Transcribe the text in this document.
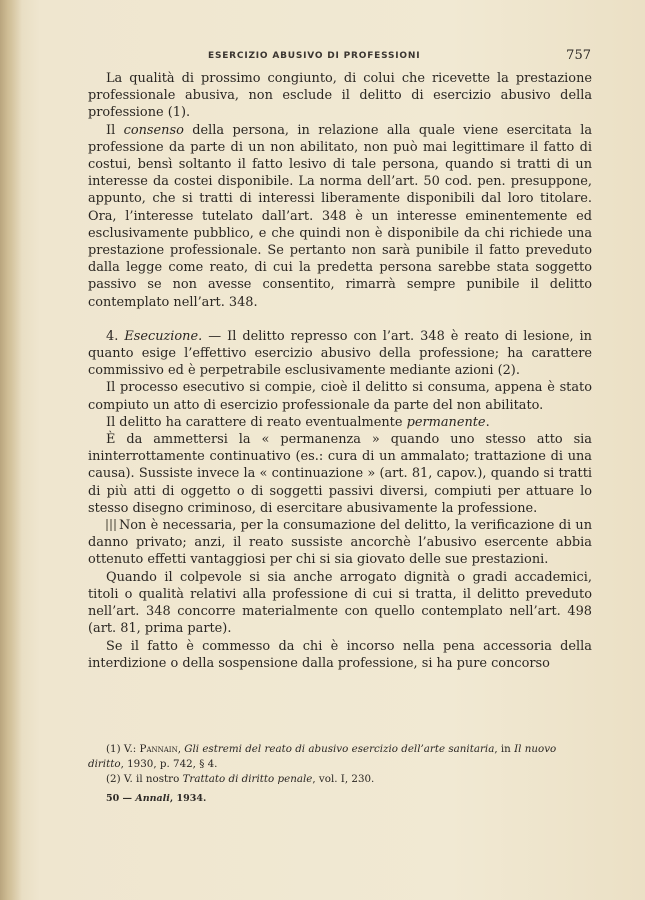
ESERCIZIO ABUSIVO DI PROFESSIONI	757

La qualità di prossimo congiunto, di colui che ricevette la prestazione professionale abusiva, non esclude il delitto di esercizio abusivo della professione (1).

Il consenso della persona, in relazione alla quale viene esercitata la professione da parte di un non abilitato, non può mai legittimare il fatto di costui, bensì soltanto il fatto lesivo di tale persona, quando si tratti di un interesse da costei disponibile. La norma dell’art. 50 cod. pen. presuppone, appunto, che si tratti di interessi liberamente disponibili dal loro titolare. Ora, l’interesse tutelato dall’art. 348 è un interesse eminentemente ed esclusivamente pubblico, e che quindi non è disponibile da chi richiede una prestazione professionale. Se pertanto non sarà punibile il fatto preveduto dalla legge come reato, di cui la predetta persona sarebbe stata soggetto passivo se non avesse consentito, rimarrà sempre punibile il delitto contemplato nell’art. 348.

4. Esecuzione. — Il delitto represso con l’art. 348 è reato di lesione, in quanto esige l’effettivo esercizio abusivo della professione; ha carattere commissivo ed è perpetrabile esclusivamente mediante azioni (2).

Il processo esecutivo si compie, cioè il delitto si consuma, appena è stato compiuto un atto di esercizio professionale da parte del non abilitato.

Il delitto ha carattere di reato eventualmente permanente.

È da ammettersi la « permanenza » quando uno stesso atto sia ininterrottamente continuativo (es.: cura di un ammalato; trattazione di una causa). Sussiste invece la « continuazione » (art. 81, capov.), quando si tratti di più atti di oggetto o di soggetti passivi diversi, compiuti per attuare lo stesso disegno criminoso, di esercitare abusivamente la professione.

Non è necessaria, per la consumazione del delitto, la verificazione di un danno privato; anzi, il reato sussiste ancorchè l’abusivo esercente abbia ottenuto effetti vantaggiosi per chi si sia giovato delle sue prestazioni.

Quando il colpevole si sia anche arrogato dignità o gradi accademici, titoli o qualità relativi alla professione di cui si tratta, il delitto preveduto nell’art. 348 concorre materialmente con quello contemplato nell’art. 498 (art. 81, prima parte).

Se il fatto è commesso da chi è incorso nella pena accessoria della interdizione o della sospensione dalla professione, si ha pure concorso

(1) V.: Pannain, Gli estremi del reato di abusivo esercizio dell’arte sanitaria, in Il nuovo diritto, 1930, p. 742, § 4.

(2) V. il nostro Trattato di diritto penale, vol. I, 230.

50 — Annali, 1934.
